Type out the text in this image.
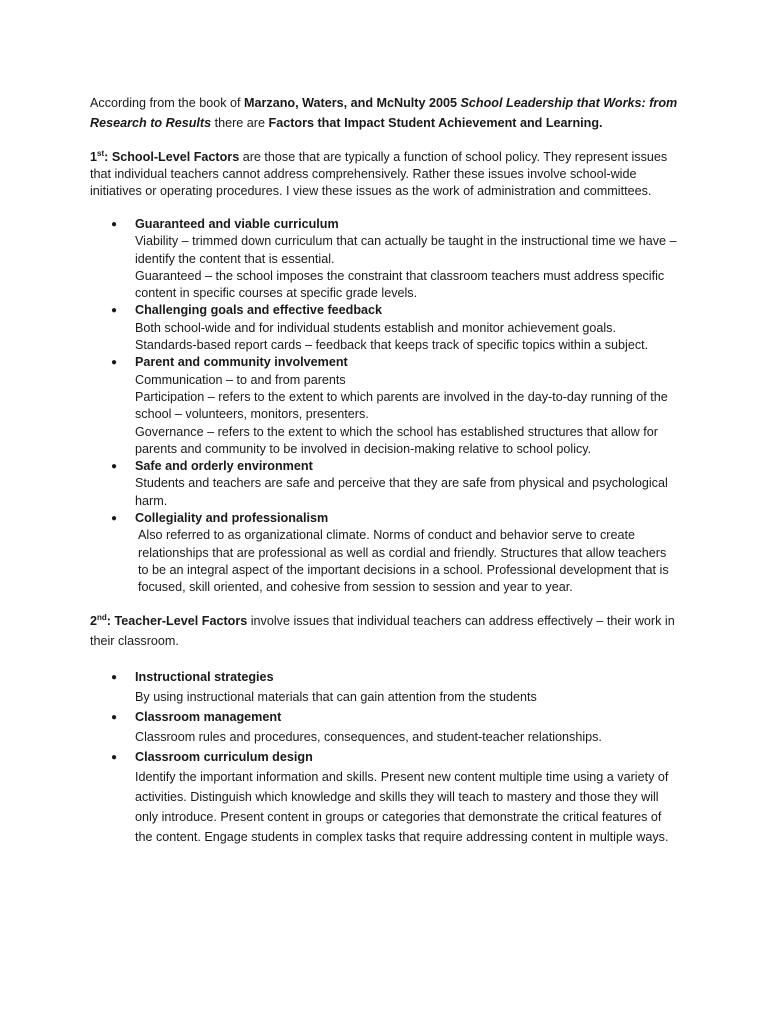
According from the book of Marzano, Waters, and McNulty 2005 School Leadership that Works: from Research to Results there are Factors that Impact Student Achievement and Learning.

1st: School-Level Factors are those that are typically a function of school policy. They represent issues that individual teachers cannot address comprehensively. Rather these issues involve school-wide initiatives or operating procedures. I view these issues as the work of administration and committees.

● Guaranteed and viable curriculum
Viability – trimmed down curriculum that can actually be taught in the instructional time we have – identify the content that is essential.
Guaranteed – the school imposes the constraint that classroom teachers must address specific content in specific courses at specific grade levels.
● Challenging goals and effective feedback
Both school-wide and for individual students establish and monitor achievement goals.
Standards-based report cards – feedback that keeps track of specific topics within a subject.
● Parent and community involvement
Communication – to and from parents
Participation – refers to the extent to which parents are involved in the day-to-day running of the school – volunteers, monitors, presenters.
Governance – refers to the extent to which the school has established structures that allow for parents and community to be involved in decision-making relative to school policy.
● Safe and orderly environment
Students and teachers are safe and perceive that they are safe from physical and psychological harm.
● Collegiality and professionalism
Also referred to as organizational climate. Norms of conduct and behavior serve to create relationships that are professional as well as cordial and friendly. Structures that allow teachers to be an integral aspect of the important decisions in a school. Professional development that is focused, skill oriented, and cohesive from session to session and year to year.

2nd: Teacher-Level Factors involve issues that individual teachers can address effectively – their work in their classroom.

● Instructional strategies
By using instructional materials that can gain attention from the students
● Classroom management
Classroom rules and procedures, consequences, and student-teacher relationships.
● Classroom curriculum design
Identify the important information and skills. Present new content multiple time using a variety of activities. Distinguish which knowledge and skills they will teach to mastery and those they will only introduce. Present content in groups or categories that demonstrate the critical features of the content. Engage students in complex tasks that require addressing content in multiple ways.
